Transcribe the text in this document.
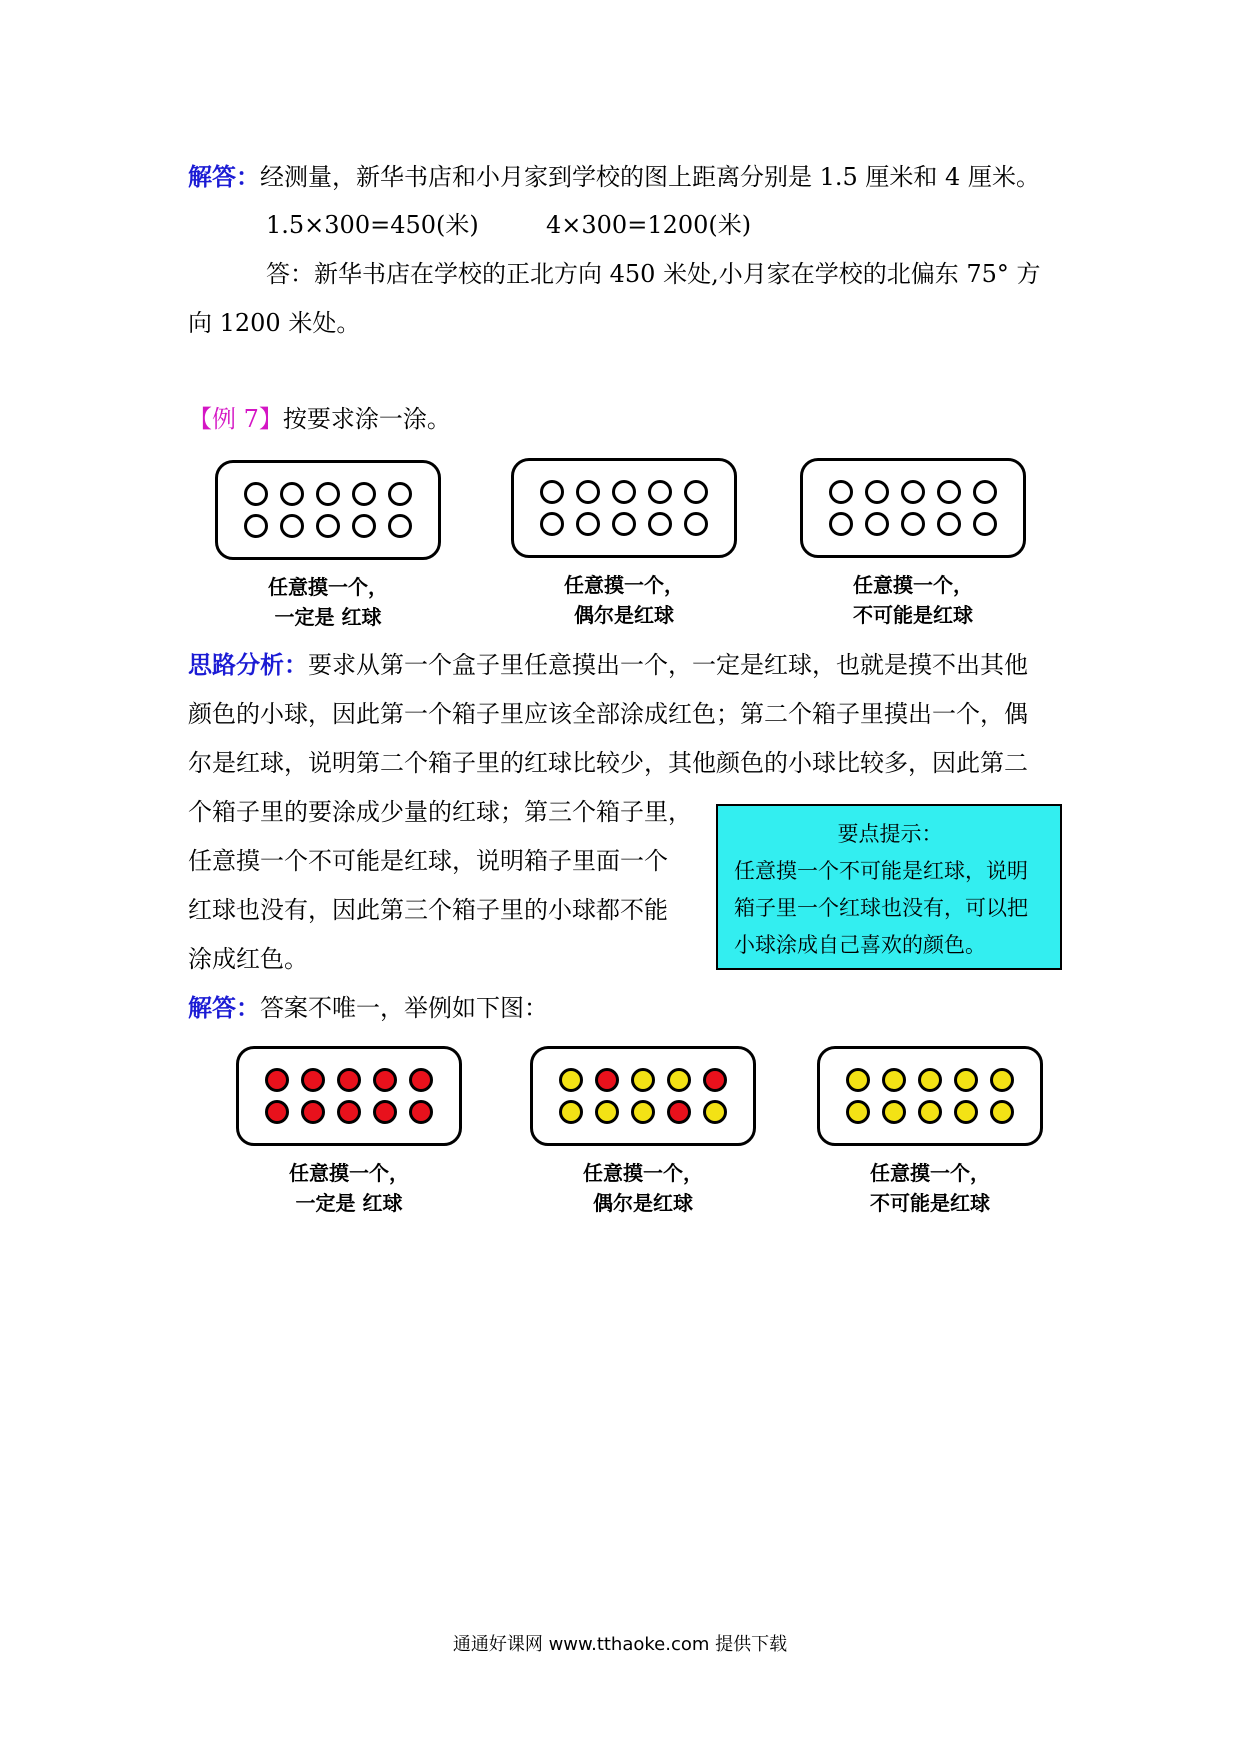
解答：经测量，新华书店和小月家到学校的图上距离分别是 1.5 厘米和 4 厘米。
1.5×300=450(米)	4×300=1200(米)
答：新华书店在学校的正北方向 450 米处,小月家在学校的北偏东 75° 方
向 1200 米处。
【例 7】按要求涂一涂。
任意摸一个，
一定是 红球
任意摸一个，
偶尔是红球
任意摸一个，
不可能是红球
思路分析：要求从第一个盒子里任意摸出一个，一定是红球，也就是摸不出其他
颜色的小球，因此第一个箱子里应该全部涂成红色；第二个箱子里摸出一个，偶
尔是红球，说明第二个箱子里的红球比较少，其他颜色的小球比较多，因此第二
个箱子里的要涂成少量的红球；第三个箱子里，
任意摸一个不可能是红球，说明箱子里面一个
红球也没有，因此第三个箱子里的小球都不能
涂成红色。
要点提示：
任意摸一个不可能是红球，说明
箱子里一个红球也没有，可以把
小球涂成自己喜欢的颜色。
解答：答案不唯一，举例如下图：
任意摸一个，
一定是 红球
任意摸一个，
偶尔是红球
任意摸一个，
不可能是红球
通通好课网 www.tthaoke.com 提供下载
